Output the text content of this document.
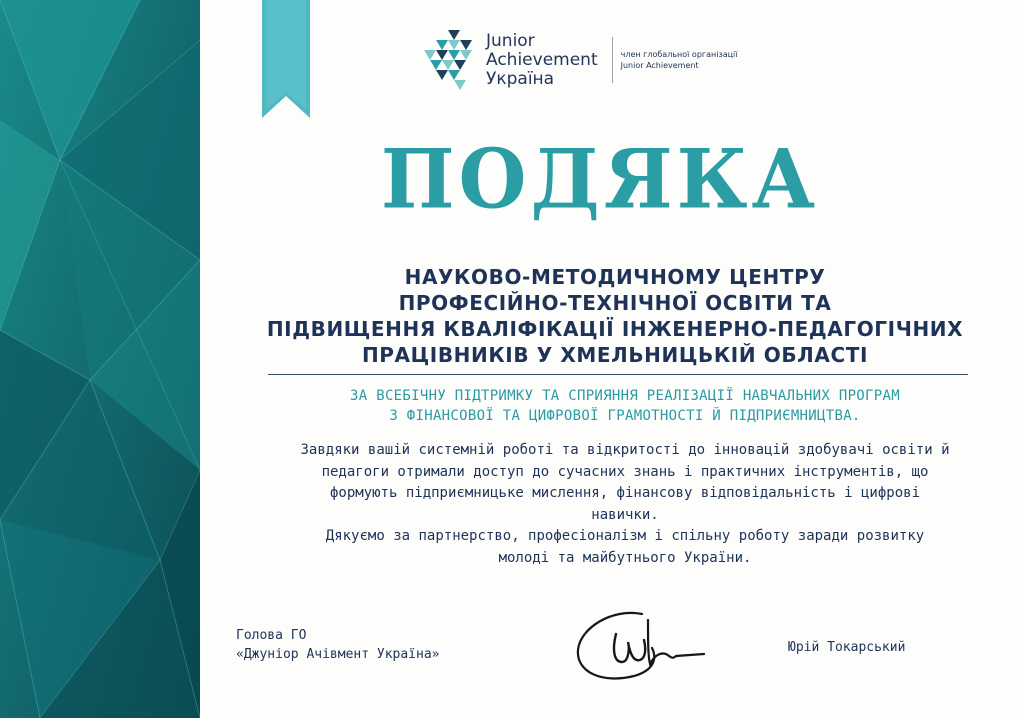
Junior
Achievement
Україна
член глобальної організації
Junior Achievement
ПОДЯКА
НАУКОВО-МЕТОДИЧНОМУ ЦЕНТРУ
ПРОФЕСІЙНО-ТЕХНІЧНОЇ ОСВІТИ ТА
ПІДВИЩЕННЯ КВАЛІФІКАЦІЇ ІНЖЕНЕРНО-ПЕДАГОГІЧНИХ
ПРАЦІВНИКІВ У ХМЕЛЬНИЦЬКІЙ ОБЛАСТІ
ЗА ВСЕБІЧНУ ПІДТРИМКУ ТА СПРИЯННЯ РЕАЛІЗАЦІЇ НАВЧАЛЬНИХ ПРОГРАМ
З ФІНАНСОВОЇ ТА ЦИФРОВОЇ ГРАМОТНОСТІ Й ПІДПРИЄМНИЦТВА.
Завдяки вашій системній роботі та відкритості до інновацій здобувачі освіти й
педагоги отримали доступ до сучасних знань і практичних інструментів, що
формують підприємницьке мислення, фінансову відповідальність і цифрові
навички.
Дякуємо за партнерство, професіоналізм і спільну роботу заради розвитку
молоді та майбутнього України.
Голова ГО
«Джуніор Ачівмент Україна»	Юрій Токарський
